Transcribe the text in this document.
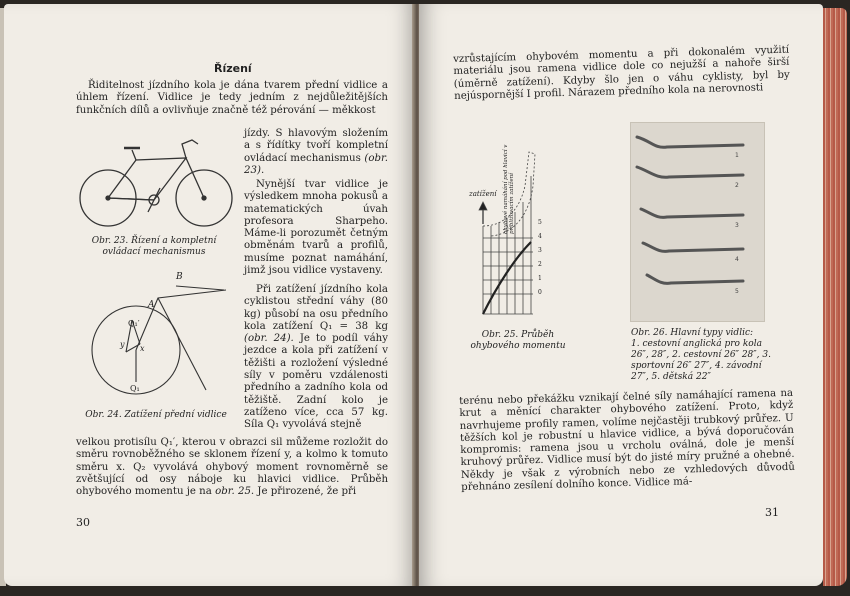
Řízení

Řiditelnost jízdního kola je dána tvarem přední vidlice a úhlem řízení. Vidlice je tedy jedním z nejdůležitějších funkčních dílů a ovlivňuje značně též pérování — měkkost

jízdy. S hlavovým složením a s řídítky tvoří kompletní ovládací mechanismus (obr. 23).

Nynější tvar vidlice je výsledkem mnoha pokusů a matematických úvah profesora Sharpeho. Máme-li porozumět četným obměnám tvarů a profilů, musíme poznat namáhání, jimž jsou vidlice vystaveny.

Při zatížení jízdního kola cyklistou střední váhy (80 kg) působí na osu předního kola zatížení Q₁ = 38 kg (obr. 24). Je to podíl váhy jezdce a kola při zatížení v těžišti a rozložení výsledné síly v poměru vzdálenosti předního a zadního kola od těžiště. Zadní kolo je zatíženo více, cca 57 kg. Síla Q₁ vyvolává stejně

velkou protisílu Q₁′, kterou v obrazci sil můžeme rozložit do směru rovnoběžného se sklonem řízení y, a kolmo k tomuto směru x. Q₂ vyvolává ohybový moment rovnoměrně se zvětšující od osy náboje ku hlavici vidlice. Průběh ohybového momentu je na obr. 25. Je přirozené, že při
Obr. 23. Řízení a kompletní ovládací mechanismus
A
B
Q₁′
y x
Q₁
Obr. 24. Zatížení přední vidlice
30
vzrůstajícím ohybovém momentu a při dokonalém využití materiálu jsou ramena vidlice dole co nejužší a nahoře širší (úměrně zatížení). Kdyby šlo jen o váhu cyklisty, byl by nejúspornější I profil. Nárazem předního kola na nerovnosti
zatížení
5
4
3
2
1
0
ohybové namáhání pod hlavicí v přibližovacím zatížení
Obr. 25. Průběh ohybového momentu
1
2
3
4
5
Obr. 26. Hlavní typy vidlic:
1. cestovní anglická pro kola 26″, 28″, 2. cestovní 26″ 28″, 3. sportovní 26″ 27″, 4. závodní 27″, 5. dětská 22″
terénu nebo překážku vznikají čelné síly namáhající ramena na krut a měnící charakter ohybového zatížení. Proto, když navrhujeme profily ramen, volíme nejčastěji trubkový průřez. U těžších kol je robustní u hlavice vidlice, a bývá doporučován kompromis: ramena jsou u vrcholu oválná, dole je menší kruhový průřez. Vidlice musí být do jisté míry pružné a ohebné. Někdy je však z výrobních nebo ze vzhledových důvodů přehnáno zesílení dolního konce. Vidlice má-
31
